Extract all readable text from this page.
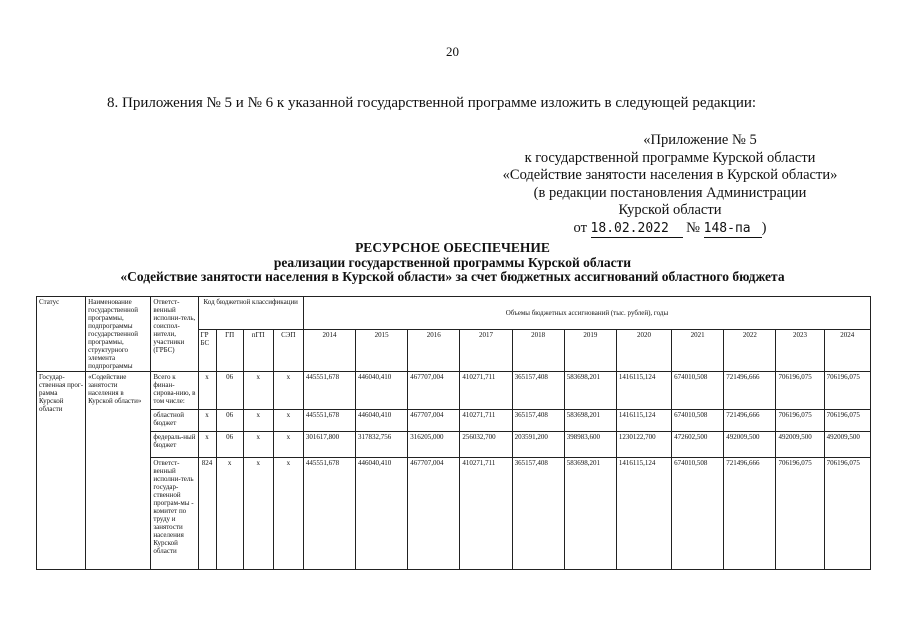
20
8. Приложения № 5 и № 6 к указанной государственной программе изложить в следующей редакции:
«Приложение № 5
к государственной программе Курской области
«Содействие занятости населения в Курской области»
(в редакции постановления Администрации
Курской области
от 18.02.2022 № 148-па )
РЕСУРСНОЕ ОБЕСПЕЧЕНИЕ
реализации государственной программы Курской области
«Содействие занятости населения в Курской области» за счет бюджетных ассигнований областного бюджета
Статус	Наименование государственной программы, подпрограммы государственной программы, структурного элемента подпрограммы	Ответст-венный исполни-тель, соиспол-нители, участники (ГРБС)	Код бюджетной классификации				Объемы бюджетных ассигнований (тыс. рублей), годы										
			ГР БС	ГП	пГП	СЭП	2014	2015	2016	2017	2018	2019	2020	2021	2022	2023	2024
Государ-ственная прог-рамма Курской области	«Содействие занятости населения в Курской области»	Всего к финан-сирова-нию, в том числе:	х	06	х	х	445551,678	446040,410	467707,004	410271,711	365157,408	583698,201	1416115,124	674010,508	721496,666	706196,075	706196,075
		областной бюджет	х	06	х	х	445551,678	446040,410	467707,004	410271,711	365157,408	583698,201	1416115,124	674010,508	721496,666	706196,075	706196,075
		федераль-ный бюджет	х	06	х	х	301617,800	317832,756	316205,000	256032,700	203591,200	398983,600	1230122,700	472602,500	492009,500	492009,500	492009,500
		Ответст-венный исполни-тель государ-ственной програм-мы - комитет по труду и занятости населения Курской области	824	х	х	х	445551,678	446040,410	467707,004	410271,711	365157,408	583698,201	1416115,124	674010,508	721496,666	706196,075	706196,075
